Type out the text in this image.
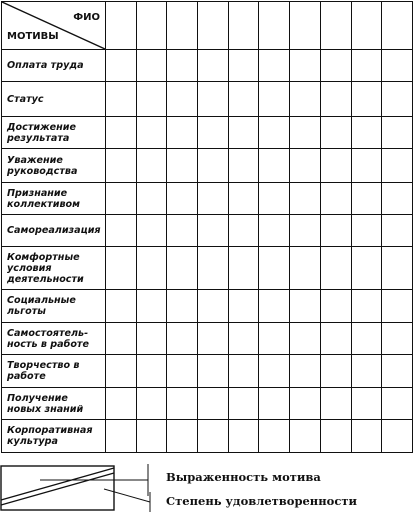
ФИО
МОТИВЫ										

Оплата труда										
Статус										
Достижение результата										
Уважение руководства										
Признание коллективом										
Самореализация										
Комфортные условия деятельности										
Социальные льготы										
Самостоятель-ность в работе										
Творчество в работе										
Получение новых знаний										
Корпоративная культура										
Выраженность мотива
Степень удовлетворенности
